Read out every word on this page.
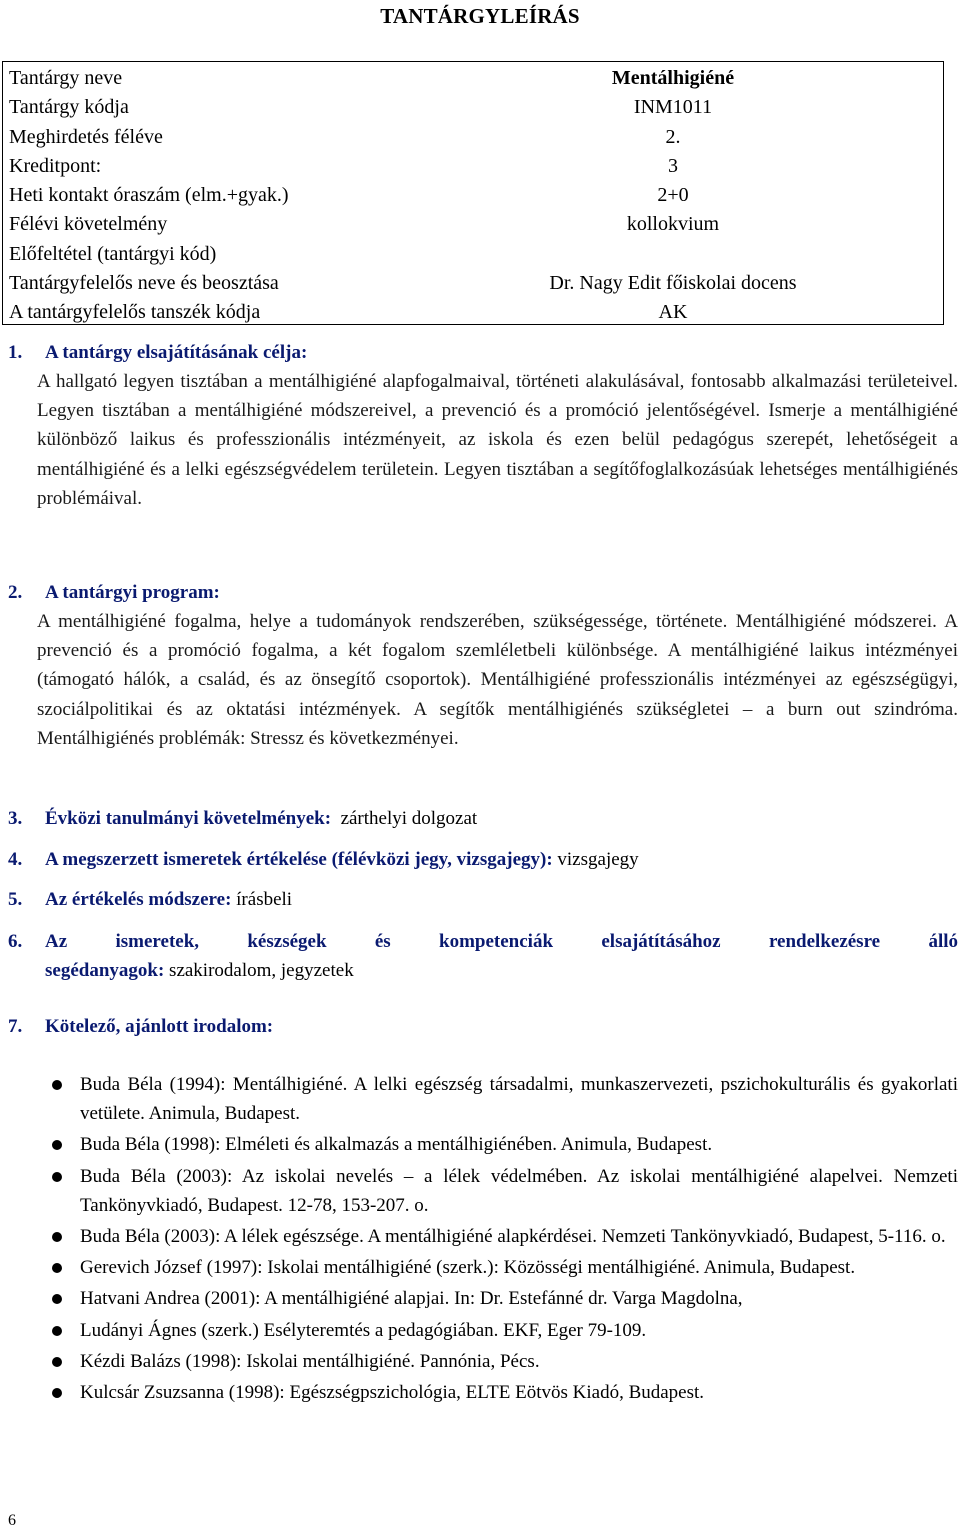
TANTÁRGYLEÍRÁS
Tantárgy neve	Mentálhigiéné
Tantárgy kódja	INM1011
Meghirdetés féléve	2.
Kreditpont:	3
Heti kontakt óraszám (elm.+gyak.)	2+0
Félévi követelmény	kollokvium
Előfeltétel (tantárgyi kód)
Tantárgyfelelős neve és beosztása	Dr. Nagy Edit főiskolai docens
A tantárgyfelelős tanszék kódja	AK
1. A tantárgy elsajátításának célja:
A hallgató legyen tisztában a mentálhigiéné alapfogalmaival, történeti alakulásával, fontosabb alkalmazási területeivel. Legyen tisztában a mentálhigiéné módszereivel, a prevenció és a promóció jelentőségével. Ismerje a mentálhigiéné különböző laikus és professzionális intézményeit, az iskola és ezen belül pedagógus szerepét, lehetőségeit a mentálhigiéné és a lelki egészségvédelem területein. Legyen tisztában a segítőfoglalkozásúak lehetséges mentálhigiénés problémáival.
2. A tantárgyi program:
A mentálhigiéné fogalma, helye a tudományok rendszerében, szükségessége, története. Mentálhigiéné módszerei. A prevenció és a promóció fogalma, a két fogalom szemléletbeli különbsége. A mentálhigiéné laikus intézményei (támogató hálók, a család, és az önsegítő csoportok). Mentálhigiéné professzionális intézményei az egészségügyi, szociálpolitikai és az oktatási intézmények. A segítők mentálhigiénés szükségletei – a burn out szindróma. Mentálhigiénés problémák: Stressz és következményei.
3. Évközi tanulmányi követelmények: zárthelyi dolgozat
4. A megszerzett ismeretek értékelése (félévközi jegy, vizsgajegy): vizsgajegy
5. Az értékelés módszere: írásbeli
6.	Az ismeretek, készségek és kompetenciák elsajátításához rendelkezésre álló
segédanyagok: szakirodalom, jegyzetek
7. Kötelező, ajánlott irodalom:
Buda Béla (1994): Mentálhigiéné. A lelki egészség társadalmi, munkaszervezeti, pszichokulturális és gyakorlati vetülete. Animula, Budapest.
Buda Béla (1998): Elméleti és alkalmazás a mentálhigiénében. Animula, Budapest.
Buda Béla (2003): Az iskolai nevelés – a lélek védelmében. Az iskolai mentálhigiéné alapelvei. Nemzeti Tankönyvkiadó, Budapest. 12-78, 153-207. o.
Buda Béla (2003): A lélek egészsége. A mentálhigiéné alapkérdései. Nemzeti Tankönyvkiadó, Budapest, 5-116. o.
Gerevich József (1997): Iskolai mentálhigiéné (szerk.): Közösségi mentálhigiéné. Animula, Budapest.
Hatvani Andrea (2001): A mentálhigiéné alapjai. In: Dr. Estefánné dr. Varga Magdolna,
Ludányi Ágnes (szerk.) Esélyteremtés a pedagógiában. EKF, Eger 79-109.
Kézdi Balázs (1998): Iskolai mentálhigiéné. Pannónia, Pécs.
Kulcsár Zsuzsanna (1998): Egészségpszichológia, ELTE Eötvös Kiadó, Budapest.
6
